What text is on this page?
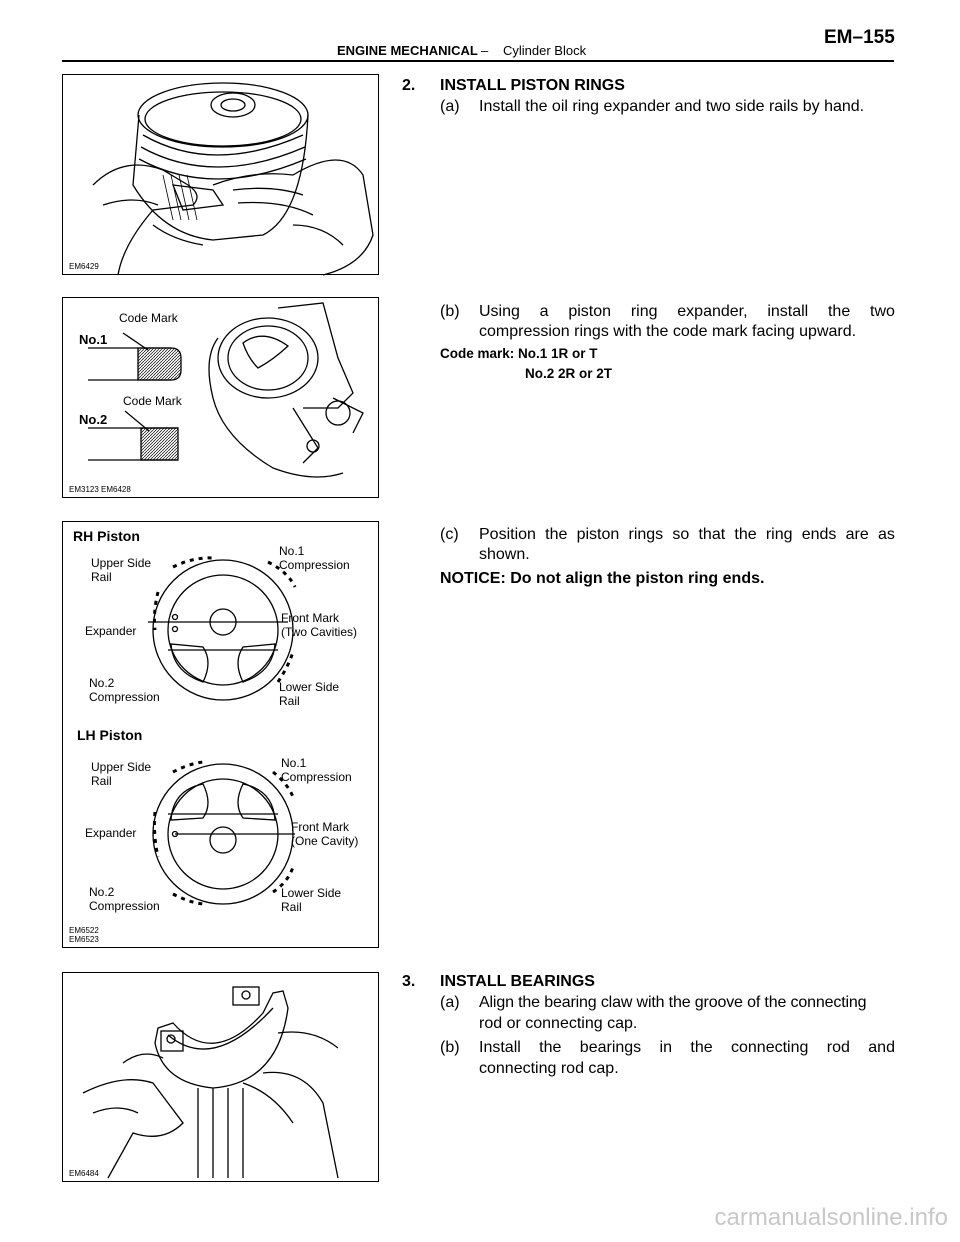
ENGINE MECHANICAL – Cylinder Block
EM–155
EM6429
Code Mark
No.1
Code Mark
No.2
EM3123 EM6428
RH Piston
Upper Side
Rail
No.1
Compression
Expander
Front Mark
(Two Cavities)
No.2
Compression
Lower Side
Rail
LH Piston
Upper Side
Rail
No.1
Compression
Expander	Front Mark
(One Cavity)
No.2
Compression
Lower Side
Rail
EM6522
EM6523
EM6484
2. INSTALL PISTON RINGS
(a) Install the oil ring expander and two side rails by hand.
(b) Using a piston ring expander, install the two
compression rings with the code mark facing upward.
Code mark: No.1 1R or T
No.2 2R or 2T
(c) Position the piston rings so that the ring ends are as
shown.
NOTICE: Do not align the piston ring ends.
3. INSTALL BEARINGS
(a) Align the bearing claw with the groove of the connecting
rod or connecting cap.
(b) Install the bearings in the connecting rod and
connecting rod cap.
carmanualsonline.info
